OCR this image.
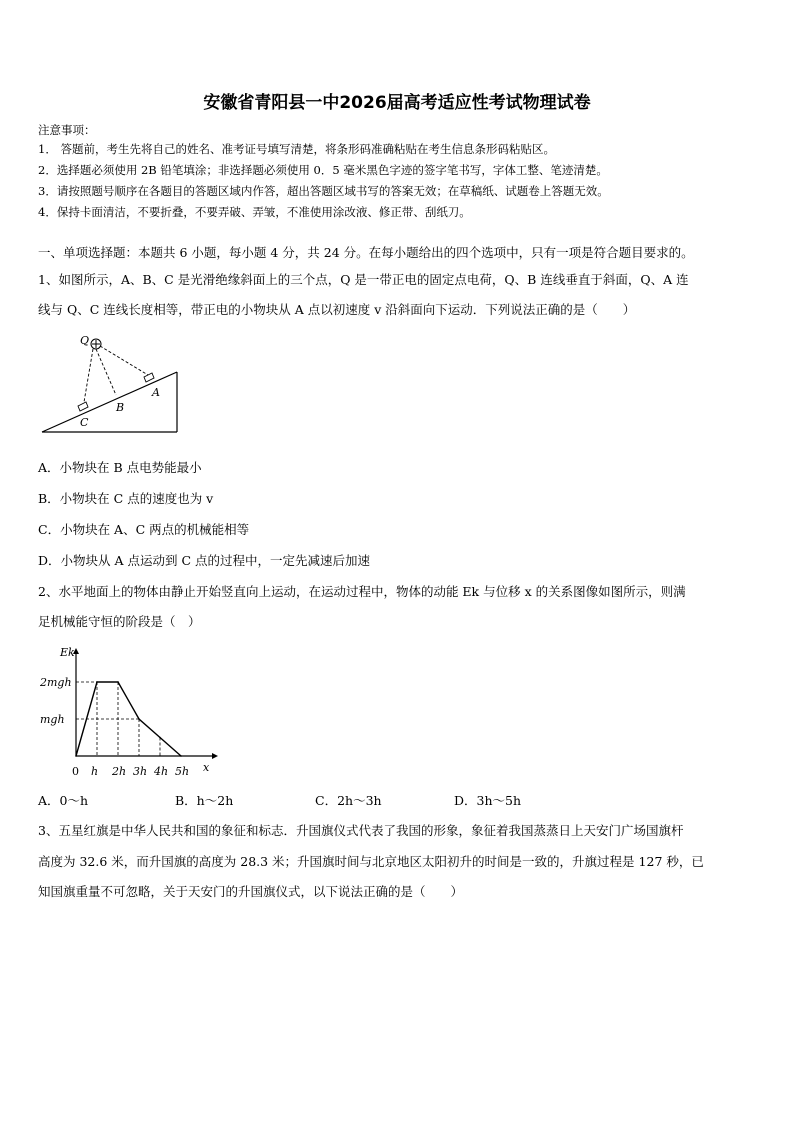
安徽省青阳县一中2026届高考适应性考试物理试卷
注意事项：
1． 答题前，考生先将自己的姓名、准考证号填写清楚，将条形码准确粘贴在考生信息条形码粘贴区。
2．选择题必须使用 2B 铅笔填涂；非选择题必须使用 0．5 毫米黑色字迹的签字笔书写，字体工整、笔迹清楚。
3．请按照题号顺序在各题目的答题区域内作答，超出答题区域书写的答案无效；在草稿纸、试题卷上答题无效。
4．保持卡面清洁，不要折叠，不要弄破、弄皱，不准使用涂改液、修正带、刮纸刀。
一、单项选择题：本题共 6 小题，每小题 4 分，共 24 分。在每小题给出的四个选项中，只有一项是符合题目要求的。
1、如图所示，A、B、C 是光滑绝缘斜面上的三个点，Q 是一带正电的固定点电荷，Q、B 连线垂直于斜面，Q、A 连
线与 Q、C 连线长度相等，带正电的小物块从 A 点以初速度 v 沿斜面向下运动．下列说法正确的是（　　）
Q
A
B
C
A．小物块在 B 点电势能最小
B．小物块在 C 点的速度也为 v
C．小物块在 A、C 两点的机械能相等
D．小物块从 A 点运动到 C 点的过程中，一定先减速后加速
2、水平地面上的物体由静止开始竖直向上运动，在运动过程中，物体的动能 Ek 与位移 x 的关系图像如图所示，则满
足机械能守恒的阶段是（　）
0 h 2h 3h 4h 5h
2mgh
mgh
x
Ek
A．0～h	B．h～2h	C．2h～3h	D．3h～5h
3、五星红旗是中华人民共和国的象征和标志．升国旗仪式代表了我国的形象，象征着我国蒸蒸日上天安门广场国旗杆
高度为 32.6 米，而升国旗的高度为 28.3 米；升国旗时间与北京地区太阳初升的时间是一致的，升旗过程是 127 秒，已
知国旗重量不可忽略，关于天安门的升国旗仪式，以下说法正确的是（　　）
